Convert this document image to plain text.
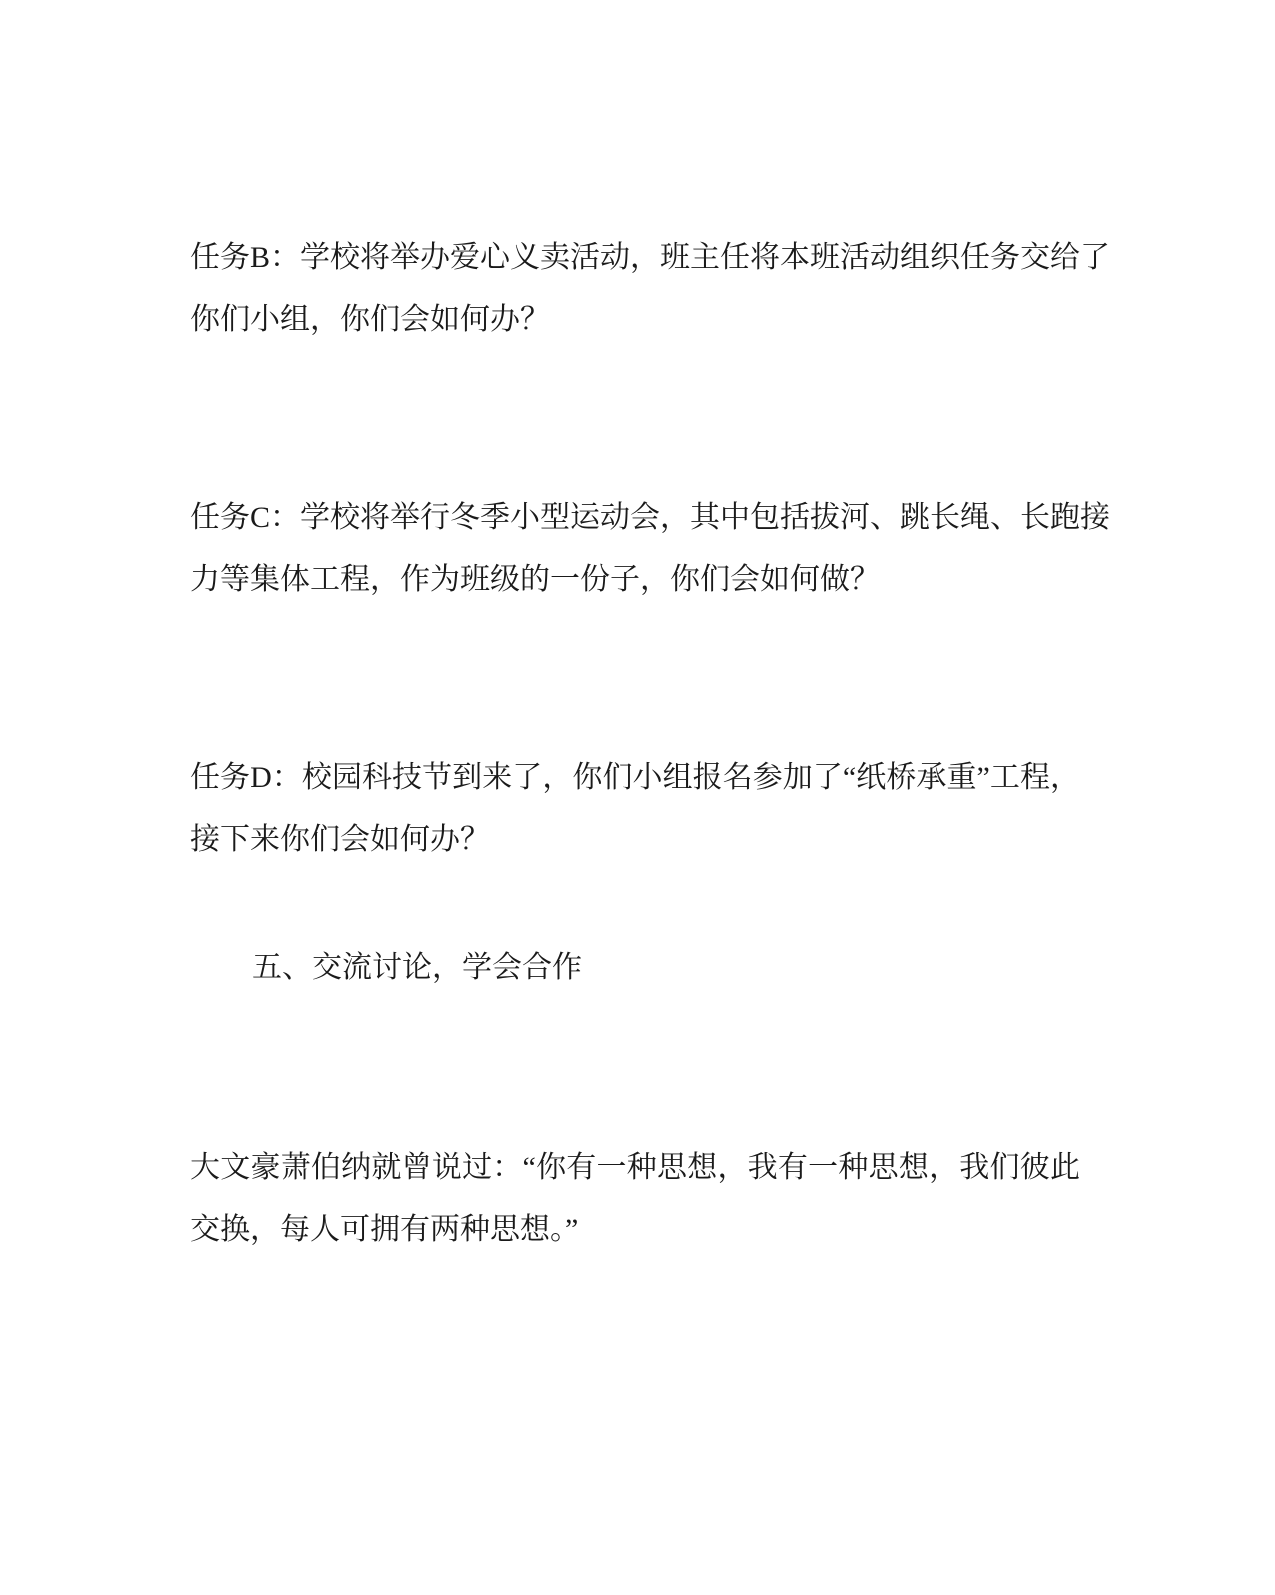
任务B：学校将举办爱心义卖活动，班主任将本班活动组织任务交给了
你们小组，你们会如何办？

任务C：学校将举行冬季小型运动会，其中包括拔河、跳长绳、长跑接
力等集体工程，作为班级的一份子，你们会如何做？

任务D：校园科技节到来了，你们小组报名参加了“纸桥承重”工程，
接下来你们会如何办？

五、交流讨论，学会合作

大文豪萧伯纳就曾说过：“你有一种思想，我有一种思想，我们彼此
交换，每人可拥有两种思想。”
